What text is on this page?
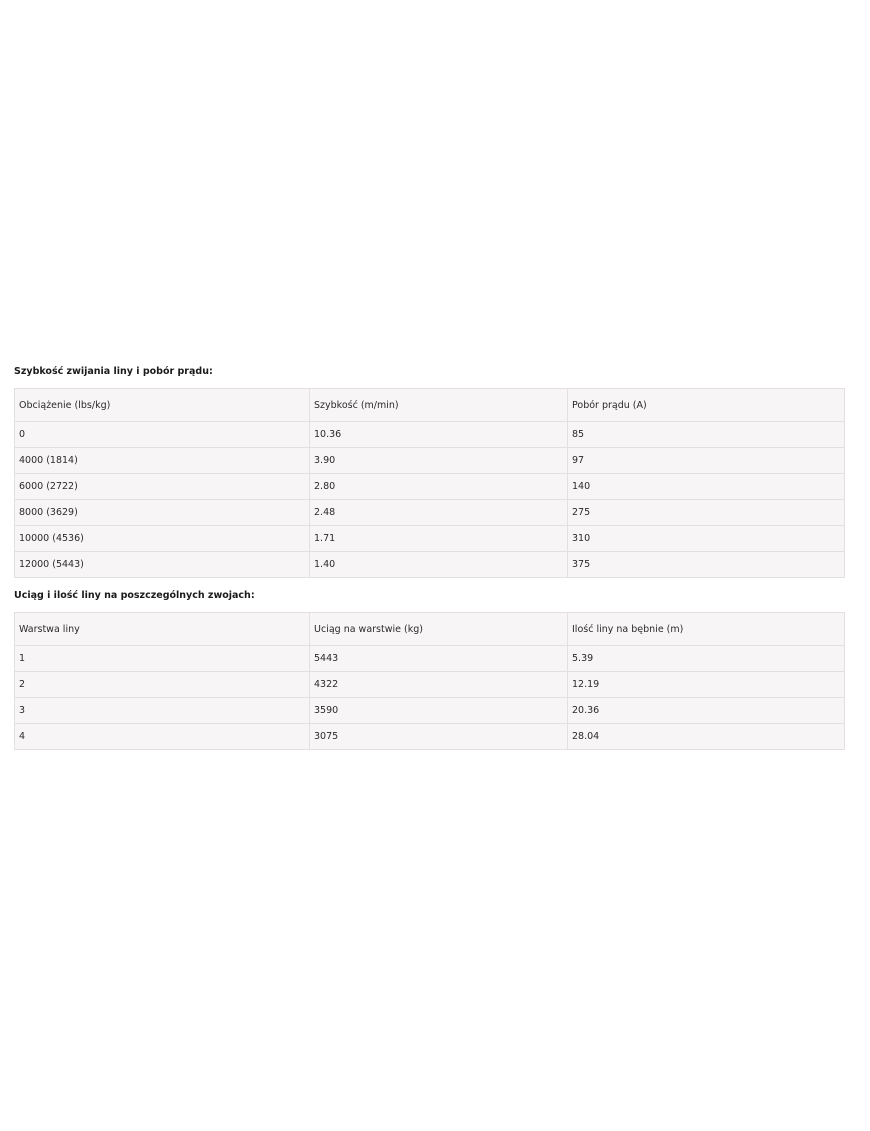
Szybkość zwijania liny i pobór prądu:

Obciążenie (lbs/kg)	Szybkość (m/min)	Pobór prądu (A)
0	10.36	85
4000 (1814)	3.90	97
6000 (2722)	2.80	140
8000 (3629)	2.48	275
10000 (4536)	1.71	310
12000 (5443)	1.40	375

Uciąg i ilość liny na poszczególnych zwojach:

Warstwa liny	Uciąg na warstwie (kg)	Ilość liny na bębnie (m)
1	5443	5.39
2	4322	12.19
3	3590	20.36
4	3075	28.04
